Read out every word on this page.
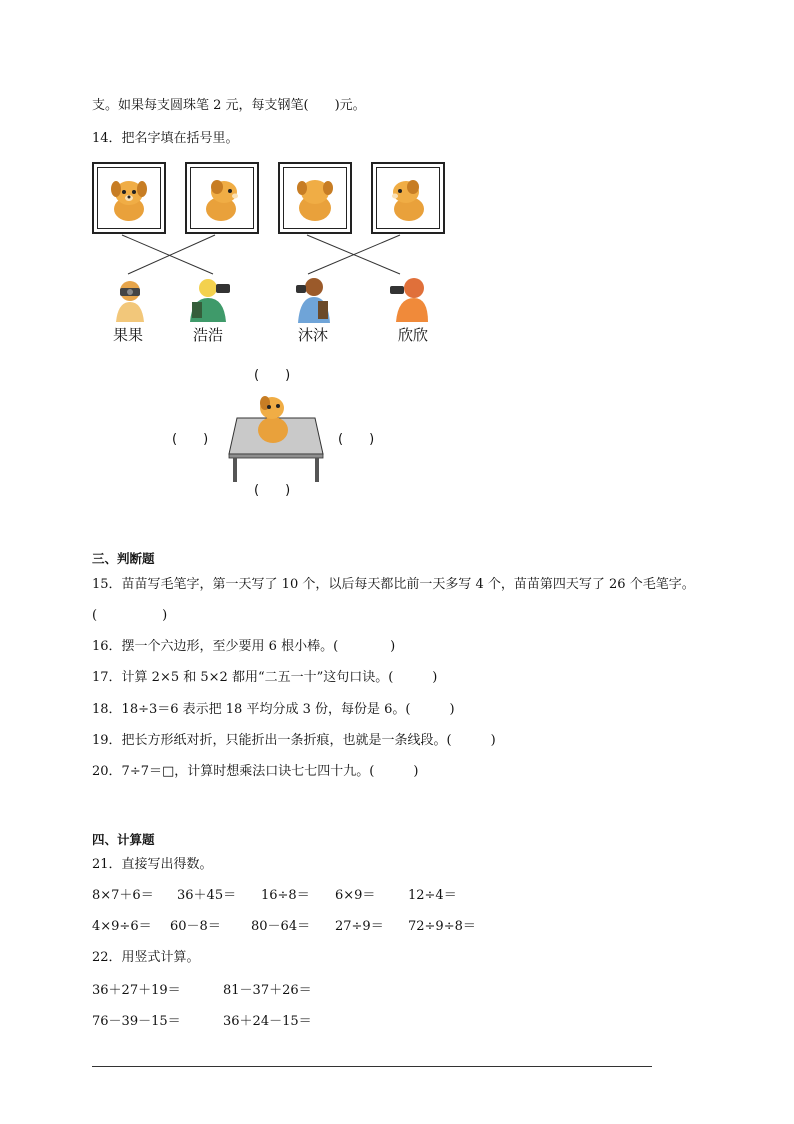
支。如果每支圆珠笔 2 元，每支钢笔(　　)元。
14．把名字填在括号里。
果果	浩浩	沐沐	欣欣
(　　)
(　　)	(　　)
(　　)
三、判断题
15．苗苗写毛笔字，第一天写了 10 个，以后每天都比前一天多写 4 个，苗苗第四天写了 26 个毛笔字。
(　　　　　)
16．摆一个六边形，至少要用 6 根小棒。(　　　　)
17．计算 2×5 和 5×2 都用“二五一十”这句口诀。(　　　)
18．18÷3＝6 表示把 18 平均分成 3 份，每份是 6。(　　　)
19．把长方形纸对折，只能折出一条折痕，也就是一条线段。(　　　)
20．7÷7＝□，计算时想乘法口诀七七四十九。(　　　)
四、计算题
21．直接写出得数。
8×7＋6＝ 36＋45＝ 16÷8＝ 6×9＝	12÷4＝
4×9÷6＝ 60－8＝ 80－64＝ 27÷9＝ 72÷9÷8＝
22．用竖式计算。
36＋27＋19＝	81－37＋26＝
76－39－15＝	36＋24－15＝
